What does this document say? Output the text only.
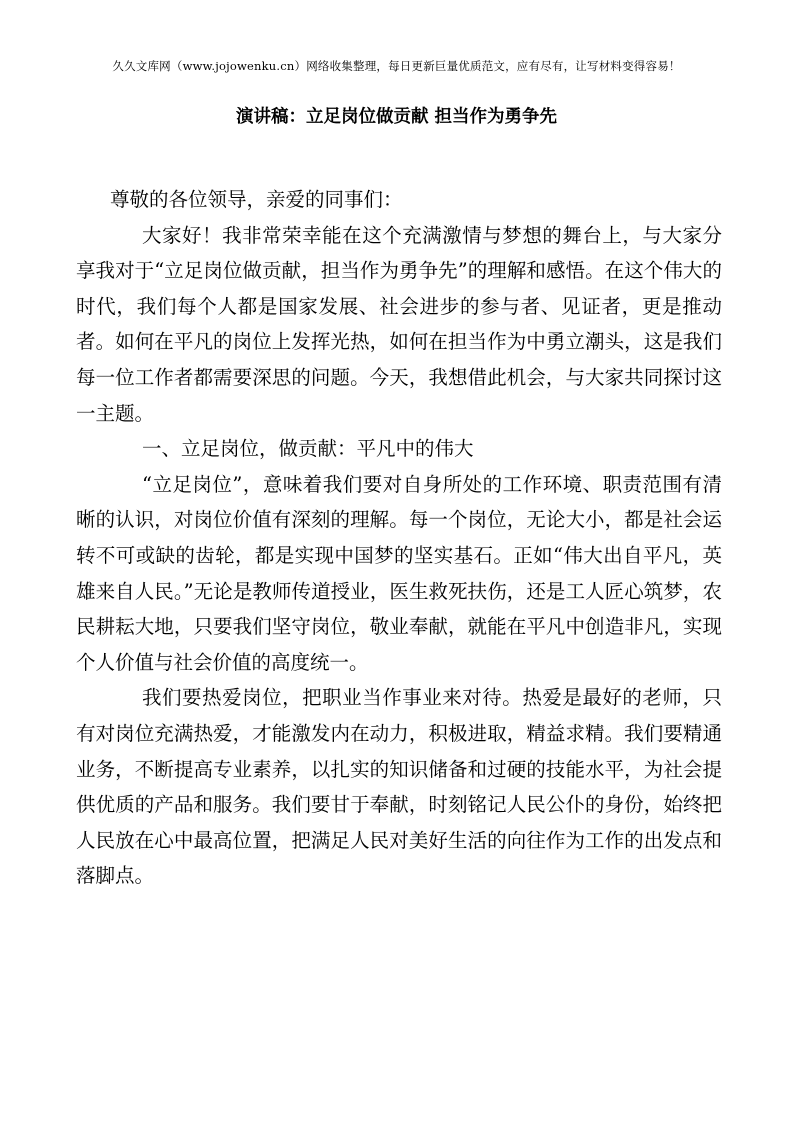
久久文库网（www.jojowenku.cn）网络收集整理，每日更新巨量优质范文，应有尽有，让写材料变得容易！
演讲稿：立足岗位做贡献 担当作为勇争先

尊敬的各位领导，亲爱的同事们：

大家好！我非常荣幸能在这个充满激情与梦想的舞台上，与大家分享我对于“立足岗位做贡献，担当作为勇争先”的理解和感悟。在这个伟大的时代，我们每个人都是国家发展、社会进步的参与者、见证者，更是推动者。如何在平凡的岗位上发挥光热，如何在担当作为中勇立潮头，这是我们每一位工作者都需要深思的问题。今天，我想借此机会，与大家共同探讨这一主题。

一、立足岗位，做贡献：平凡中的伟大

“立足岗位”，意味着我们要对自身所处的工作环境、职责范围有清晰的认识，对岗位价值有深刻的理解。每一个岗位，无论大小，都是社会运转不可或缺的齿轮，都是实现中国梦的坚实基石。正如“伟大出自平凡，英雄来自人民。”无论是教师传道授业，医生救死扶伤，还是工人匠心筑梦，农民耕耘大地，只要我们坚守岗位，敬业奉献，就能在平凡中创造非凡，实现个人价值与社会价值的高度统一。

我们要热爱岗位，把职业当作事业来对待。热爱是最好的老师，只有对岗位充满热爱，才能激发内在动力，积极进取，精益求精。我们要精通业务，不断提高专业素养，以扎实的知识储备和过硬的技能水平，为社会提供优质的产品和服务。我们要甘于奉献，时刻铭记人民公仆的身份，始终把人民放在心中最高位置，把满足人民对美好生活的向往作为工作的出发点和落脚点。
